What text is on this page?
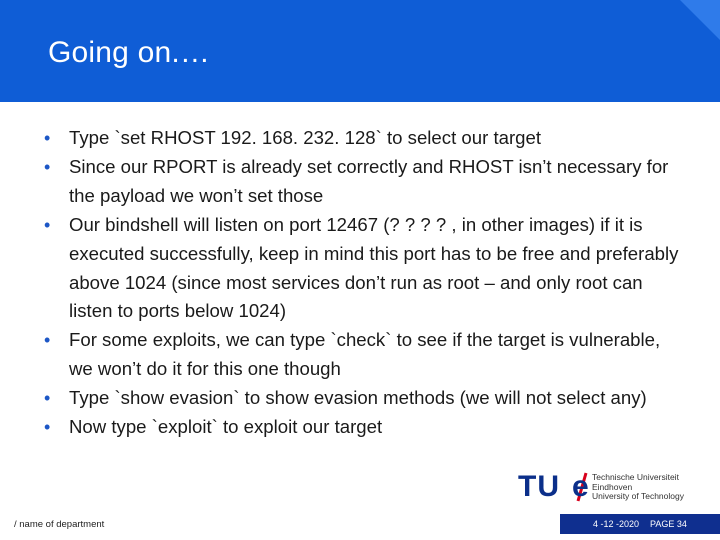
Going on.…
• Type `set RHOST 192. 168. 232. 128` to select our target
• Since our RPORT is already set correctly and RHOST isn’t necessary for the payload we won’t set those
• Our bindshell will listen on port 12467 (? ? ? ? , in other images) if it is executed successfully, keep in mind this port has to be free and preferably above 1024 (since most services don’t run as root – and only root can listen to ports below 1024)
• For some exploits, we can type `check` to see if the target is vulnerable, we won’t do it for this one though
• Type `show evasion` to show evasion methods (we will not select any)
• Now type `exploit` to exploit our target
TU e Technische Universiteit
Eindhoven
University of Technology
/ name of department	4 -12 -2020 PAGE 34
